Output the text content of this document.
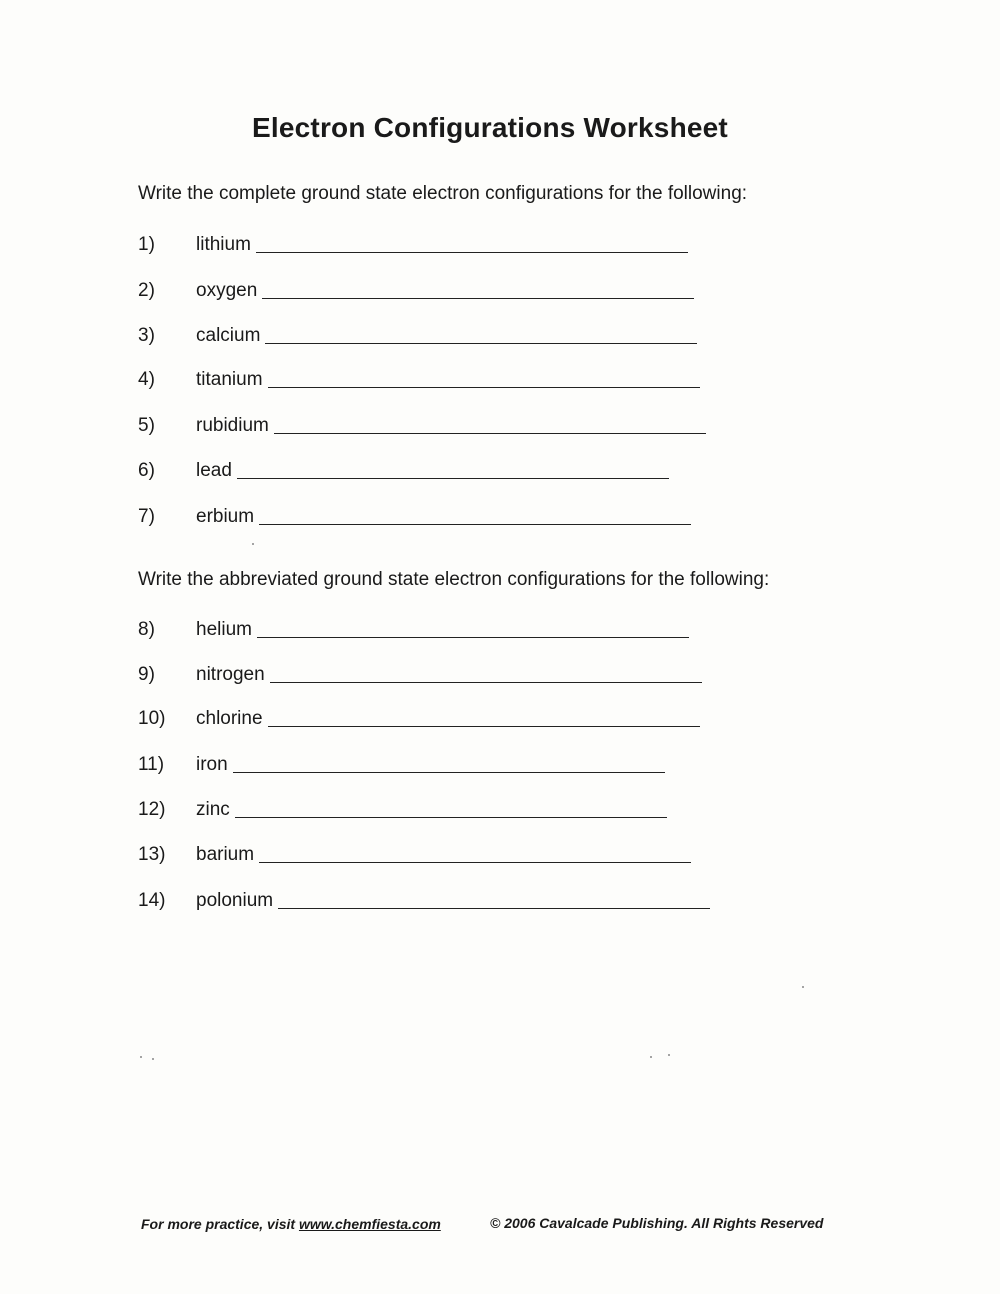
Electron Configurations Worksheet
Write the complete ground state electron configurations for the following:
1)	lithium
2)	oxygen
3)	calcium
4)	titanium
5)	rubidium
6)	lead
7)	erbium
Write the abbreviated ground state electron configurations for the following:
8)	helium
9)	nitrogen
10)	chlorine
11)	iron
12)	zinc
13)	barium
14)	polonium
For more practice, visit www.chemfiesta.com	© 2006 Cavalcade Publishing. All Rights Reserved
